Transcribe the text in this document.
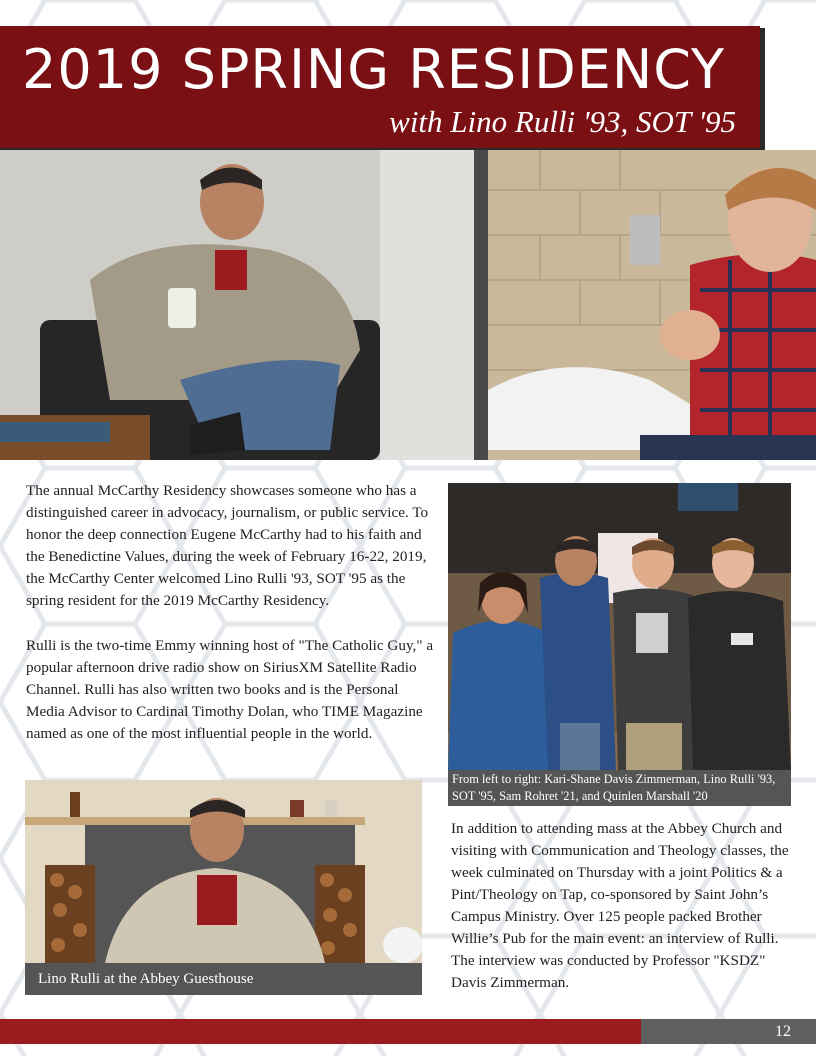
2019 SPRING RESIDENCY
with Lino Rulli '93, SOT '95
The annual McCarthy Residency showcases someone who has a distinguished career in advocacy, journalism, or public service. To honor the deep connection Eugene McCarthy had to his faith and the Benedictine Values, during the week of February 16-22, 2019, the McCarthy Center welcomed Lino Rulli '93, SOT '95 as the spring resident for the 2019 McCarthy Residency.
Rulli is the two-time Emmy winning host of "The Catholic Guy," a popular afternoon drive radio show on SiriusXM Satellite Radio Channel. Rulli has also written two books and is the Personal Media Advisor to Cardinal Timothy Dolan, who TIME Magazine named as one of the most influential people in the world.
From left to right: Kari-Shane Davis Zimmerman, Lino Rulli '93, SOT '95, Sam Rohret '21, and Quinlen Marshall '20
Lino Rulli at the Abbey Guesthouse
In addition to attending mass at the Abbey Church and visiting with Communication and Theology classes, the week culminated on Thursday with a joint Politics & a Pint/Theology on Tap, co-sponsored by Saint John’s Campus Ministry. Over 125 people packed Brother Willie’s Pub for the main event: an interview of Rulli. The interview was conducted by Professor "KSDZ" Davis Zimmerman.
12
